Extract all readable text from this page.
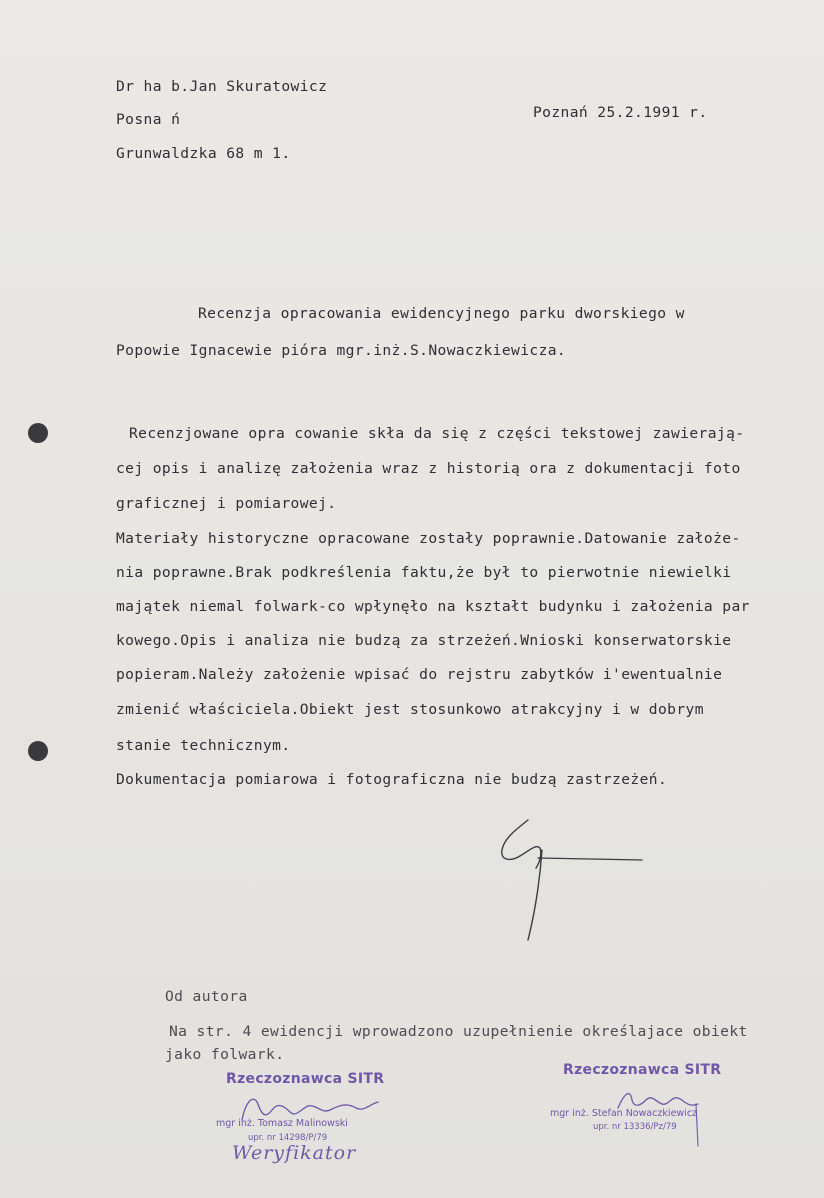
Dr ha b.Jan Skuratowicz
Posna ń
Grunwaldzka 68 m 1.
Poznań 25.2.1991 r.
Recenzja opracowania ewidencyjnego parku dworskiego w
Popowie Ignacewie pióra mgr.inż.S.Nowaczkiewicza.
Recenzjowane opra cowanie skła da się z części tekstowej zawierają-
cej opis i analizę założenia wraz z historią ora z dokumentacji foto
graficznej i pomiarowej.
Materiały historyczne opracowane zostały poprawnie.Datowanie założe-
nia poprawne.Brak podkreślenia faktu,że był to pierwotnie niewielki
majątek niemal folwark-co wpłynęło na kształt budynku i założenia par
kowego.Opis i analiza nie budzą za strzeżeń.Wnioski konserwatorskie
popieram.Należy założenie wpisać do rejstru zabytków i'ewentualnie
zmienić właściciela.Obiekt jest stosunkowo atrakcyjny i w dobrym
stanie technicznym.
Dokumentacja pomiarowa i fotograficzna nie budzą zastrzeżeń.
Od autora
Na str. 4 ewidencji wprowadzono uzupełnienie określajace obiekt
jako folwark.
Rzeczoznawca SITR
mgr inż. Tomasz Malinowski
upr. nr 14298/P/79
Weryfikator
Rzeczoznawca SITR
mgr inż. Stefan Nowaczkiewicz
upr. nr 13336/Pz/79
